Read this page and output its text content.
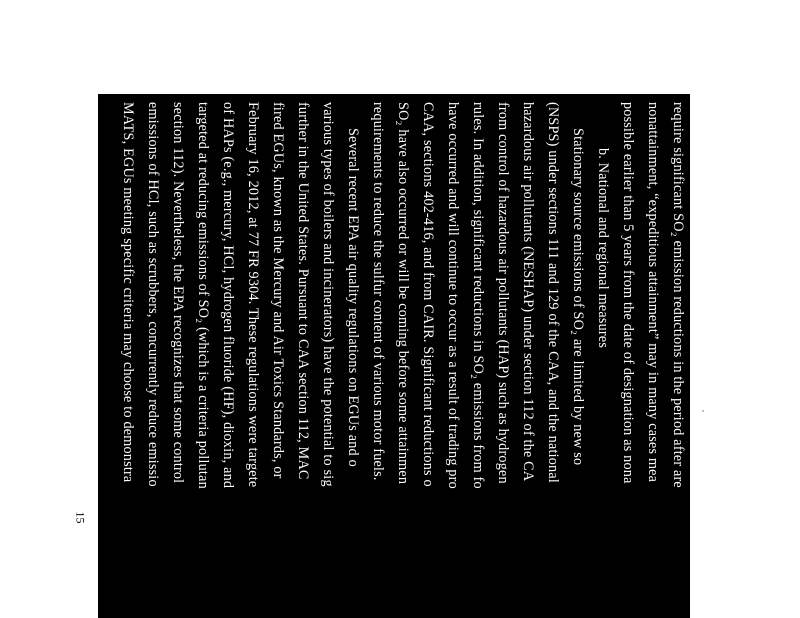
require significant SO₂ emission reductions in the period after are
nonattainment, “expeditious attainment” may in many cases mea
possible earlier than 5 years from the date of designation as nona
b. National and regional measures
Stationary source emissions of SO₂ are limited by new so
(NSPS) under sections 111 and 129 of the CAA, and the national
hazardous air pollutants (NESHAP) under section 112 of the CA
from control of hazardous air pollutants (HAP) such as hydrogen
rules. In addition, significant reductions in SO₂ emissions from fo
have occurred and will continue to occur as a result of trading pro
CAA, sections 402-416, and from CAIR. Significant reductions o
SO₂ have also occurred or will be coming before some attainmen
requirements to reduce the sulfur content of various motor fuels.
Several recent EPA air quality regulations on EGUs and o
various types of boilers and incinerators) have the potential to sig
further in the United States. Pursuant to CAA section 112, MAC
fired EGUs, known as the Mercury and Air Toxics Standards, or
February 16, 2012, at 77 FR 9304. These regulations were targete
of HAPs (e.g., mercury, HCl, hydrogen fluoride (HF), dioxin, and
targeted at reducing emissions of SO₂ (which is a criteria pollutan
section 112). Nevertheless, the EPA recognizes that some control
emissions of HCl, such as scrubbers, concurrently reduce emissio
MATS, EGUs meeting specific criteria may choose to demonstra
15
